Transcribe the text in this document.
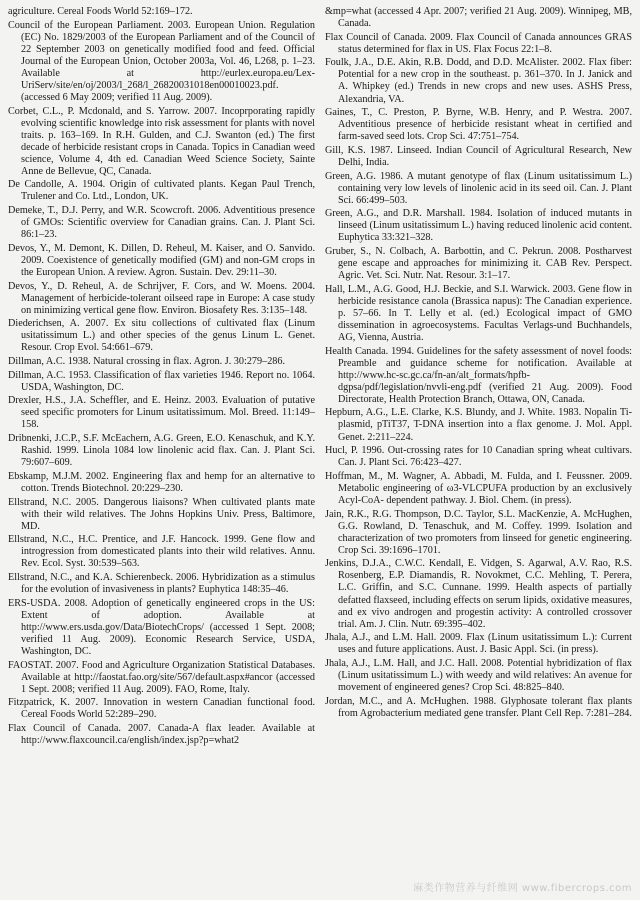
agriculture. Cereal Foods World 52:169–172.

Council of the European Parliament. 2003. European Union. Regulation (EC) No. 1829/2003 of the European Parliament and of the Council of 22 September 2003 on genetically modified food and feed. Official Journal of the European Union, October 2003a, Vol. 46, L268, p. 1–23. Available at http://eurlex.europa.eu/Lex-UriServ/site/en/oj/2003/l_268/l_26820031018en00010023.pdf. (accessed 6 May 2009; verified 11 Aug. 2009).

Corbet, C.L., P. Mcdonald, and S. Yarrow. 2007. Incoprporating rapidly evolving scientific knowledge into risk assessment for plants with novel traits. p. 163–169. In R.H. Gulden, and C.J. Swanton (ed.) The first decade of herbicide resistant crops in Canada. Topics in Canadian weed science, Volume 4, 4th ed. Canadian Weed Science Society, Sainte Anne de Bellevue, QC, Canada.

De Candolle, A. 1904. Origin of cultivated plants. Kegan Paul Trench, Trulener and Co. Ltd., London, UK.

Demeke, T., D.J. Perry, and W.R. Scowcroft. 2006. Adventitious presence of GMOs: Scientific overview for Canadian grains. Can. J. Plant Sci. 86:1–23.

Devos, Y., M. Demont, K. Dillen, D. Reheul, M. Kaiser, and O. Sanvido. 2009. Coexistence of genetically modified (GM) and non-GM crops in the European Union. A review. Agron. Sustain. Dev. 29:11–30.

Devos, Y., D. Reheul, A. de Schrijver, F. Cors, and W. Moens. 2004. Management of herbicide-tolerant oilseed rape in Europe: A case study on minimizing vertical gene flow. Environ. Biosafety Res. 3:135–148.

Diederichsen, A. 2007. Ex situ collections of cultivated flax (Linum usitatissimum L.) and other species of the genus Linum L. Genet. Resour. Crop Evol. 54:661–679.

Dillman, A.C. 1938. Natural crossing in flax. Agron. J. 30:279–286.

Dillman, A.C. 1953. Classification of flax varieties 1946. Report no. 1064. USDA, Washington, DC.

Drexler, H.S., J.A. Scheffler, and E. Heinz. 2003. Evaluation of putative seed specific promoters for Linum usitatissimum. Mol. Breed. 11:149–158.

Dribnenki, J.C.P., S.F. McEachern, A.G. Green, E.O. Kenaschuk, and K.Y. Rashid. 1999. Linola 1084 low linolenic acid flax. Can. J. Plant Sci. 79:607–609.

Ebskamp, M.J.M. 2002. Engineering flax and hemp for an alternative to cotton. Trends Biotechnol. 20:229–230.

Ellstrand, N.C. 2005. Dangerous liaisons? When cultivated plants mate with their wild relatives. The Johns Hopkins Univ. Press, Baltimore, MD.

Ellstrand, N.C., H.C. Prentice, and J.F. Hancock. 1999. Gene flow and introgression from domesticated plants into their wild relatives. Annu. Rev. Ecol. Syst. 30:539–563.

Ellstrand, N.C., and K.A. Schierenbeck. 2006. Hybridization as a stimulus for the evolution of invasiveness in plants? Euphytica 148:35–46.

ERS-USDA. 2008. Adoption of genetically engineered crops in the US: Extent of adoption. Available at http://www.ers.usda.gov/Data/BiotechCrops/ (accessed 1 Sept. 2008; verified 11 Aug. 2009). Economic Research Service, USDA, Washington, DC.

FAOSTAT. 2007. Food and Agriculture Organization Statistical Databases. Available at http://faostat.fao.org/site/567/default.aspx#ancor (accessed 1 Sept. 2008; verified 11 Aug. 2009). FAO, Rome, Italy.

Fitzpatrick, K. 2007. Innovation in western Canadian functional food. Cereal Foods World 52:289–290.

Flax Council of Canada. 2007. Canada-A flax leader. Available at http://www.flaxcouncil.ca/english/index.jsp?p=what2

&mp=what (accessed 4 Apr. 2007; verified 21 Aug. 2009). Winnipeg, MB, Canada.

Flax Council of Canada. 2009. Flax Council of Canada announces GRAS status determined for flax in US. Flax Focus 22:1–8.

Foulk, J.A., D.E. Akin, R.B. Dodd, and D.D. McAlister. 2002. Flax fiber: Potential for a new crop in the southeast. p. 361–370. In J. Janick and A. Whipkey (ed.) Trends in new crops and new uses. ASHS Press, Alexandria, VA.

Gaines, T., C. Preston, P. Byrne, W.B. Henry, and P. Westra. 2007. Adventitious presence of herbicide resistant wheat in certified and farm-saved seed lots. Crop Sci. 47:751–754.

Gill, K.S. 1987. Linseed. Indian Council of Agricultural Research, New Delhi, India.

Green, A.G. 1986. A mutant genotype of flax (Linum usitatissimum L.) containing very low levels of linolenic acid in its seed oil. Can. J. Plant Sci. 66:499–503.

Green, A.G., and D.R. Marshall. 1984. Isolation of induced mutants in linseed (Linum usitatissimum L.) having reduced linolenic acid content. Euphytica 33:321–328.

Gruber, S., N. Colbach, A. Barbottin, and C. Pekrun. 2008. Postharvest gene escape and approaches for minimizing it. CAB Rev. Perspect. Agric. Vet. Sci. Nutr. Nat. Resour. 3:1–17.

Hall, L.M., A.G. Good, H.J. Beckie, and S.I. Warwick. 2003. Gene flow in herbicide resistance canola (Brassica napus): The Canadian experience. p. 57–66. In T. Lelly et al. (ed.) Ecological impact of GMO dissemination in agroecosystems. Facultas Verlags-und Buchhandels, AG, Vienna, Austria.

Health Canada. 1994. Guidelines for the safety assessment of novel foods: Preamble and guidance scheme for notification. Available at http://www.hc-sc.gc.ca/fn-an/alt_formats/hpfb-dgpsa/pdf/legislation/nvvli-eng.pdf (verified 21 Aug. 2009). Food Directorate, Health Protection Branch, Ottawa, ON, Canada.

Hepburn, A.G., L.E. Clarke, K.S. Blundy, and J. White. 1983. Nopalin Ti-plasmid, pTiT37, T-DNA insertion into a flax genome. J. Mol. Appl. Genet. 2:211–224.

Hucl, P. 1996. Out-crossing rates for 10 Canadian spring wheat cultivars. Can. J. Plant Sci. 76:423–427.

Hoffman, M., M. Wagner, A. Abbadi, M. Fulda, and I. Feussner. 2009. Metabolic engineering of ω3-VLCPUFA production by an exclusively Acyl-CoA- dependent pathway. J. Biol. Chem. (in press).

Jain, R.K., R.G. Thompson, D.C. Taylor, S.L. MacKenzie, A. McHughen, G.G. Rowland, D. Tenaschuk, and M. Coffey. 1999. Isolation and characterization of two promoters from linseed for genetic engineering. Crop Sci. 39:1696–1701.

Jenkins, D.J.A., C.W.C. Kendall, E. Vidgen, S. Agarwal, A.V. Rao, R.S. Rosenberg, E.P. Diamandis, R. Novokmet, C.C. Mehling, T. Perera, L.C. Griffin, and S.C. Cunnane. 1999. Health aspects of partially defatted flaxseed, including effects on serum lipids, oxidative measures, and ex vivo androgen and progestin activity: A controlled crossover trial. Am. J. Clin. Nutr. 69:395–402.

Jhala, A.J., and L.M. Hall. 2009. Flax (Linum usitatissimum L.): Current uses and future applications. Aust. J. Basic Appl. Sci. (in press).

Jhala, A.J., L.M. Hall, and J.C. Hall. 2008. Potential hybridization of flax (Linum usitatissimum L.) with weedy and wild relatives: An avenue for movement of engineered genes? Crop Sci. 48:825–840.

Jordan, M.C., and A. McHughen. 1988. Glyphosate tolerant flax plants from Agrobacterium mediated gene transfer. Plant Cell Rep. 7:281–284.

麻类作物营养与纤维网 www.fibercrops.com
